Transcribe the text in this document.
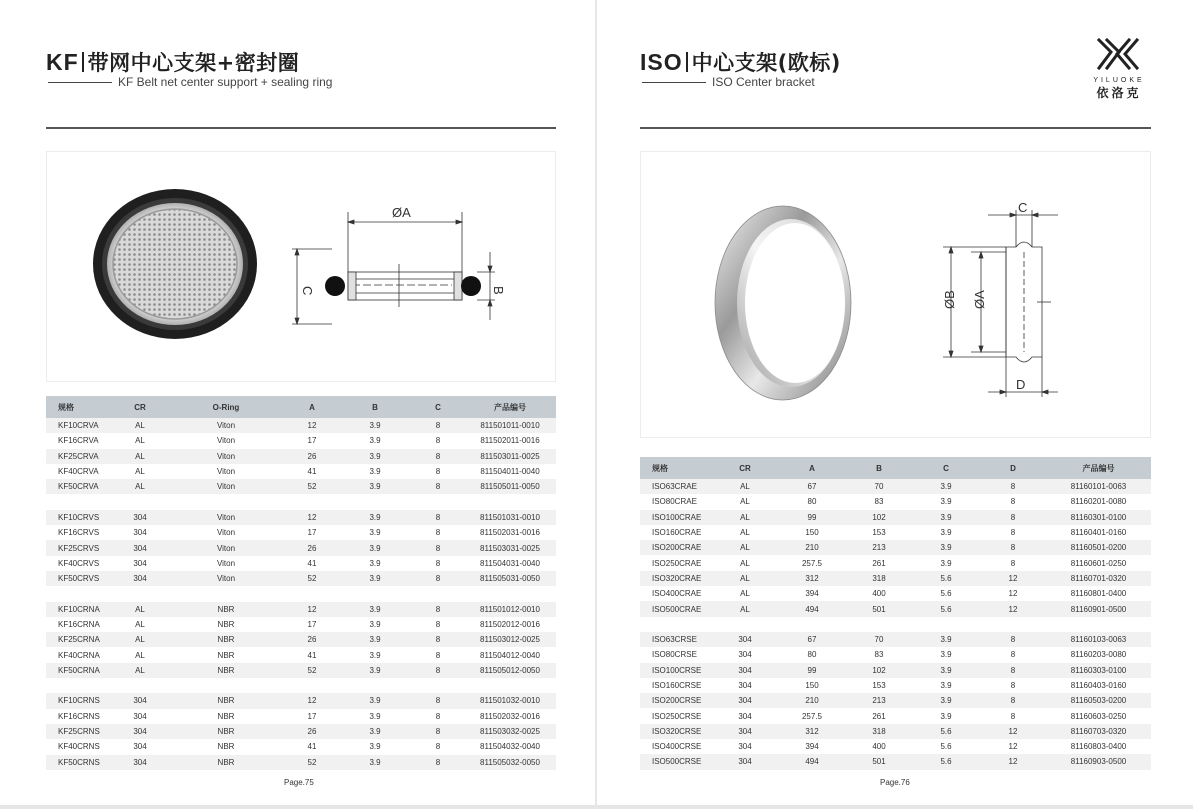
KF 带网中心支架+密封圈
KF Belt net center support + sealing ring
ØA
C	B
规格	CR	O-Ring	A	B	C	产品编号
KF10CRVA	AL	Viton	12	3.9	8	811501011-0010
KF16CRVA	AL	Viton	17	3.9	8	811502011-0016
KF25CRVA	AL	Viton	26	3.9	8	811503011-0025
KF40CRVA	AL	Viton	41	3.9	8	811504011-0040
KF50CRVA	AL	Viton	52	3.9	8	811505011-0050

KF10CRVS	304	Viton	12	3.9	8	811501031-0010
KF16CRVS	304	Viton	17	3.9	8	811502031-0016
KF25CRVS	304	Viton	26	3.9	8	811503031-0025
KF40CRVS	304	Viton	41	3.9	8	811504031-0040
KF50CRVS	304	Viton	52	3.9	8	811505031-0050

KF10CRNA	AL	NBR	12	3.9	8	811501012-0010
KF16CRNA	AL	NBR	17	3.9	8	811502012-0016
KF25CRNA	AL	NBR	26	3.9	8	811503012-0025
KF40CRNA	AL	NBR	41	3.9	8	811504012-0040
KF50CRNA	AL	NBR	52	3.9	8	811505012-0050

KF10CRNS	304	NBR	12	3.9	8	811501032-0010
KF16CRNS	304	NBR	17	3.9	8	811502032-0016
KF25CRNS	304	NBR	26	3.9	8	811503032-0025
KF40CRNS	304	NBR	41	3.9	8	811504032-0040
KF50CRNS	304	NBR	52	3.9	8	811505032-0050
Page.75
ISO 中心支架(欧标)
ISO Center bracket	YILUOKE
依洛克
C
D
ØB ØA
规格	CR	A	B	C	D	产品编号
ISO63CRAE	AL	67	70	3.9	8	81160101-0063
ISO80CRAE	AL	80	83	3.9	8	81160201-0080
ISO100CRAE	AL	99	102	3.9	8	81160301-0100
ISO160CRAE	AL	150	153	3.9	8	81160401-0160
ISO200CRAE	AL	210	213	3.9	8	81160501-0200
ISO250CRAE	AL	257.5	261	3.9	8	81160601-0250
ISO320CRAE	AL	312	318	5.6	12	81160701-0320
ISO400CRAE	AL	394	400	5.6	12	81160801-0400
ISO500CRAE	AL	494	501	5.6	12	81160901-0500

ISO63CRSE	304	67	70	3.9	8	81160103-0063
ISO80CRSE	304	80	83	3.9	8	81160203-0080
ISO100CRSE	304	99	102	3.9	8	81160303-0100
ISO160CRSE	304	150	153	3.9	8	81160403-0160
ISO200CRSE	304	210	213	3.9	8	81160503-0200
ISO250CRSE	304	257.5	261	3.9	8	81160603-0250
ISO320CRSE	304	312	318	5.6	12	81160703-0320
ISO400CRSE	304	394	400	5.6	12	81160803-0400
ISO500CRSE	304	494	501	5.6	12	81160903-0500
Page.76
